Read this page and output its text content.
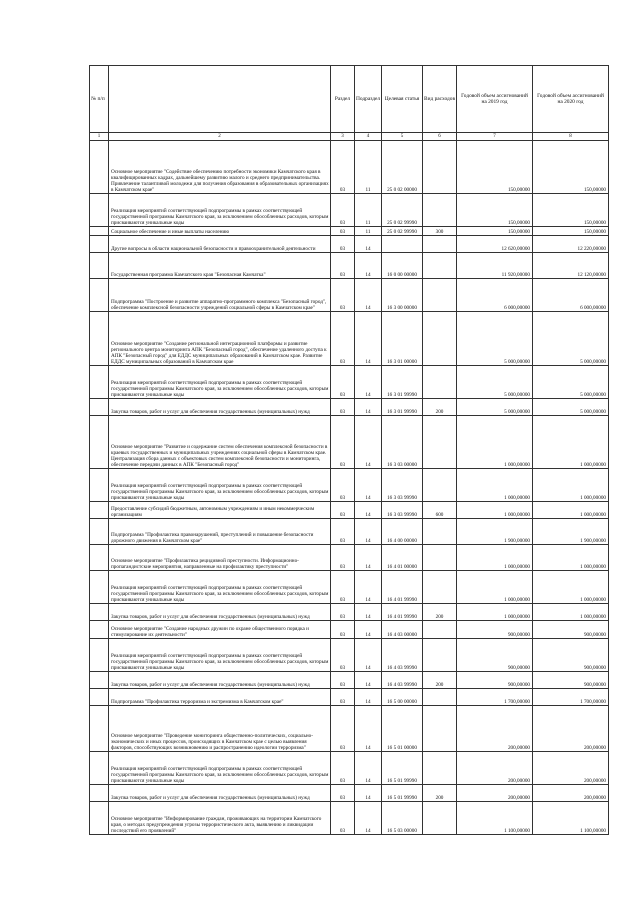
№ п/п		Раздел	Подраздел	Целевая статья	Вид расходов	Годовой объем ассигнований на 2019 год	Годовой объем ассигнований на 2020 год
1	2	3	4	5	6	7	8
	Основное мероприятие "Содействие обеспечению потребности экономики Камчатского края в квалифицированных кадрах, дальнейшему развитию малого и среднего предпринимательства. Привлечение талантливой молодежи для получения образования в образовательных организациях в Камчатском крае"	03	11	25 0 02 00000		150,00000	150,00000
	Реализация мероприятий соответствующей подпрограммы в рамках соответствующей государственной программы Камчатского края, за исключением обособленных расходов, которым присваиваются уникальные коды	03	11	25 0 02 99990		150,00000	150,00000
	Социальное обеспечение и иные выплаты населению	03	11	25 0 02 99990	300	150,00000	150,00000
	Другие вопросы в области национальной безопасности и правоохранительной деятельности	03	14			12 620,00000	12 220,00000
	Государственная программа Камчатского края "Безопасная Камчатка"	03	14	16 0 00 00000		11 920,00000	12 120,00000
	Подпрограмма "Построение и развитие аппаратно-программного комплекса "Безопасный город", обеспечение комплексной безопасности учреждений социальной сферы в Камчатском крае"	03	14	16 3 00 00000		6 000,00000	6 000,00000
	Основное мероприятие "Создание региональной интеграционной платформы и развитие регионального центра мониторинга АПК "Безопасный город", обеспечение удаленного доступа к АПК "Безопасный город" для ЕДДС муниципальных образований в Камчатском крае. Развитие ЕДДС муниципальных образований в Камчатском крае	03	14	16 3 01 00000		5 000,00000	5 000,00000
	Реализация мероприятий соответствующей подпрограммы в рамках соответствующей государственной программы Камчатского края, за исключением обособленных расходов, которым присваиваются уникальные коды	03	14	16 3 01 99990		5 000,00000	5 000,00000
	Закупка товаров, работ и услуг для обеспечения государственных (муниципальных) нужд	03	14	16 3 01 99990	200	5 000,00000	5 000,00000
	Основное мероприятие "Развитие и содержание систем обеспечения комплексной безопасности в краевых государственных и муниципальных учреждениях социальной сферы в Камчатском крае. Централизация сбора данных с объектовых систем комплексной безопасности и мониторинга, обеспечение передачи данных в АПК "Безопасный город"	03	14	16 3 03 00000		1 000,00000	1 000,00000
	Реализация мероприятий соответствующей подпрограммы в рамках соответствующей государственной программы Камчатского края, за исключением обособленных расходов, которым присваиваются уникальные коды	03	14	16 3 03 99990		1 000,00000	1 000,00000
	Предоставление субсидий бюджетным, автономным учреждениям и иным некоммерческим организациям	03	14	16 3 03 99990	600	1 000,00000	1 000,00000
	Подпрограмма "Профилактика правонарушений, преступлений и повышение безопасности дорожного движения в Камчатском крае"	03	14	16 4 00 00000		1 900,00000	1 900,00000
	Основное мероприятие "Профилактика рецидивной преступности. Информационно-пропагандистские мероприятия, направленные на профилактику преступности"	03	14	16 4 01 00000		1 000,00000	1 000,00000
	Реализация мероприятий соответствующей подпрограммы в рамках соответствующей государственной программы Камчатского края, за исключением обособленных расходов, которым присваиваются уникальные коды	03	14	16 4 01 99990		1 000,00000	1 000,00000
	Закупка товаров, работ и услуг для обеспечения государственных (муниципальных) нужд	03	14	16 4 01 99990	200	1 000,00000	1 000,00000
	Основное мероприятие "Создание народных дружин по охране общественного порядка и стимулирование их деятельности"	03	14	16 4 03 00000		900,00000	900,00000
	Реализация мероприятий соответствующей подпрограммы в рамках соответствующей государственной программы Камчатского края, за исключением обособленных расходов, которым присваиваются уникальные коды	03	14	16 4 03 99990		900,00000	900,00000
	Закупка товаров, работ и услуг для обеспечения государственных (муниципальных) нужд	03	14	16 4 03 99990	200	900,00000	900,00000
	Подпрограмма "Профилактика терроризма и экстремизма в Камчатском крае"	03	14	16 5 00 00000		1 700,00000	1 700,00000
	Основное мероприятие "Проведение мониторинга общественно-политических, социально-экономических и иных процессов, происходящих в Камчатском крае с целью выявления факторов, способствующих возникновению и распространению идеологии терроризма"	03	14	16 5 01 00000		200,00000	200,00000
	Реализация мероприятий соответствующей подпрограммы в рамках соответствующей государственной программы Камчатского края, за исключением обособленных расходов, которым присваиваются уникальные коды	03	14	16 5 01 99990		200,00000	200,00000
	Закупка товаров, работ и услуг для обеспечения государственных (муниципальных) нужд	03	14	16 5 01 99990	200	200,00000	200,00000
	Основное мероприятие "Информирование граждан, проживающих на территории Камчатского края, о методах предупреждения угрозы террористического акта, выявлению и ликвидации последствий его проявлений"	03	14	16 5 03 00000		1 100,00000	1 100,00000
